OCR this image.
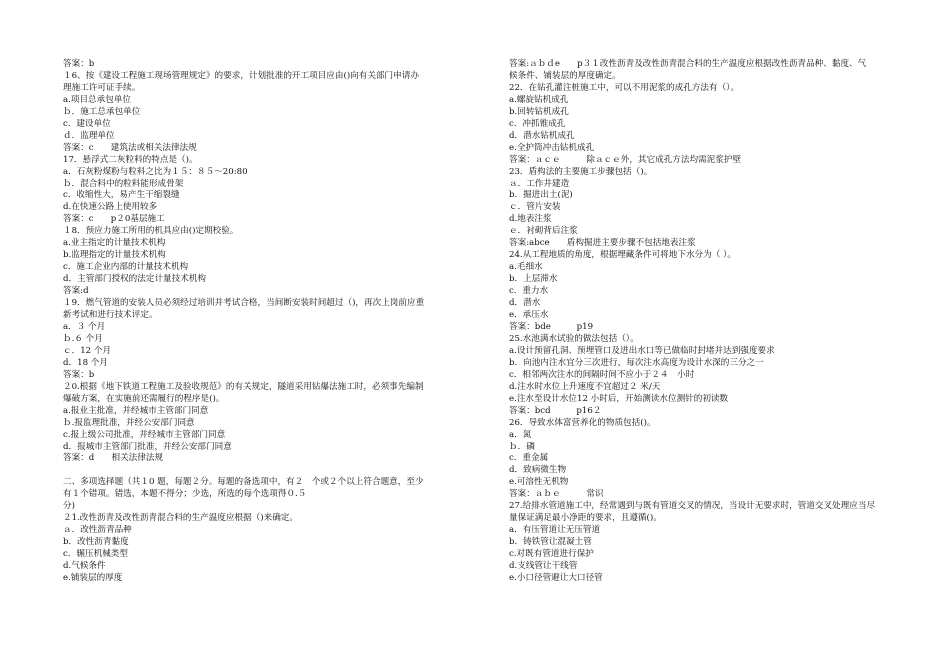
答案：b
１6、按《建设工程施工现场管理规定》的要求，计划批准的开工项目应由()向有关部门申请办
理施工许可证手续。
a.项目总承包单位
ｂ．施工总承包单位
c．建设单位
ｄ．监理单位
答案：c　　建筑法或相关法律法规
17．悬浮式二灰粒料的特点是（)。
a．石灰粉煤粉与粒料之比为１５：８５～20:80
ｂ．混合料中的粒料能形成骨架
c．收缩性大，易产生干缩裂缝
d.在快速公路上使用较多
答案：c　　p２0基层施工
１8．预应力施工所用的机具应由()定期校验。
a.业主指定的计量技术机构
b.监理指定的计量技术机构
c．施工企业内部的计量技术机构
d．主管部门授权的法定计量技术机构
答案:d
１9．燃气管道的安装人员必须经过培训并考试合格，当间断安装时间超过（)，再次上岗前应重
新考试和进行技术评定。
a．３ 个月
ｂ.６ 个月
ｃ．12 个月
d．18 个月
答案：b
２0.根据《地下铁道工程施工及验收规范》的有关规定，隧道采用钻爆法施工时，必须事先编制
爆破方案，在实施前还需履行的程序是()。
a.报业主批准，并经城市主管部门同意
ｂ.报监理批准，并经公安部门同意
c.报上级公司批准，并经城市主管部门同意
d．报城市主管部门批准，并经公安部门同意
答案：d　　相关法律法规

二、多项选择题（共１0 题，每题２分。每题的备选项中，有２　个或２个以上符合题意，至少
有１个错项。错选，本题不得分；少选，所选的每个选项得０.５
分)
２1.改性沥青及改性沥青混合料的生产温度应根据（)来确定。
ａ．改性沥青品种
b．改性沥青黏度
c．辗压机械类型
d.气候条件
e.铺装层的厚度
答案:ａｂｄe　　p３１改性沥青及改性沥青混合料的生产温度应根据改性沥青品种、黏度、气
候条件、铺装层的厚度确定。
22．在钻孔灌注桩施工中，可以不用泥浆的成孔方法有（）。
a.螺旋钻机成孔
b.回转钻机成孔
c．冲抓锥成孔
d．潜水钻机成孔
e.全护筒冲击钻机成孔
答案：ａｃｅ　　　除ａｃｅ外，其它成孔方法均需泥浆护壁
23．盾构法的主要施工步骤包括（)。
ａ．工作井建造
b．掘进出土(泥)
ｃ．管片安装
d.地表注浆
ｅ．衬砌背后注浆
答案:abce　　盾构掘进主要步骤不包括地表注浆
24.从工程地质的角度，根据埋藏条件可将地下水分为（ ）。
a.毛细水
b．上层滞水
c．重力水
d．潜水
e．承压水
答案：bde　　　p19
25.水池满水试验的做法包括（）。
a.设计预留孔洞、预埋管口及进出水口等已做临时封堵并达到强度要求
b．向池内注水宜分三次进行，每次注水高度为设计水深的三分之一
c．相邻两次注水的间隔时间不应小于２４　小时
d.注水时水位上升速度不宜超过２ 米/天
e.注水至设计水位12 小时后，开始测读水位测针的初读数
答案：bcd　　　p16２
26．导致水体富营养化的物质包括()。
a．氮
ｂ．磷
c．重金属
d．致病微生物
e.可溶性无机物
答案：ａｂｅ　　　常识
27.给排水管道施工中，经常遇到与既有管道交叉的情况，当设计无要求时，管道交叉处理应当尽
量保证满足最小净距的要求，且遵循()。
a．有压管道让无压管道
b．铸铁管让混凝土管
c.对既有管道进行保护
d.支线管让干线管
e.小口径管避让大口径管
